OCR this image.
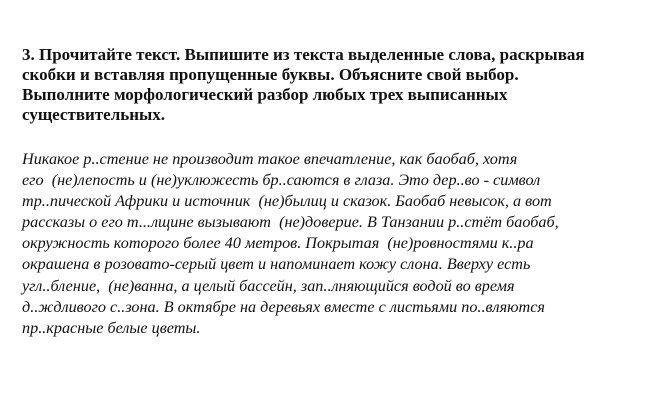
3. Прочитайте текст. Выпишите из текста выделенные слова, раскрывая
скобки и вставляя пропущенные буквы. Объясните свой выбор.
Выполните морфологический разбор любых трех выписанных
существительных.
Никакое р..стение не производит такое впечатление, как баобаб, хотя
его  (не)лепость и (не)уклюжесть бр..саются в глаза. Это дер..во - символ
тр..пической Африки и источник  (не)былиц и сказок. Баобаб невысок, а вот
рассказы о его т...лщине вызывают  (не)доверие. В Танзании р..стёт баобаб,
окружность которого более 40 метров. Покрытая  (не)ровностями к..ра
окрашена в розовато-серый цвет и напоминает кожу слона. Вверху есть
угл..бление,  (не)ванна, а целый бассейн, зап..лняющийся водой во время
д..ждливого с..зона. В октябре на деревьях вместе с листьями по..вляются
пр..красные белые цветы.
